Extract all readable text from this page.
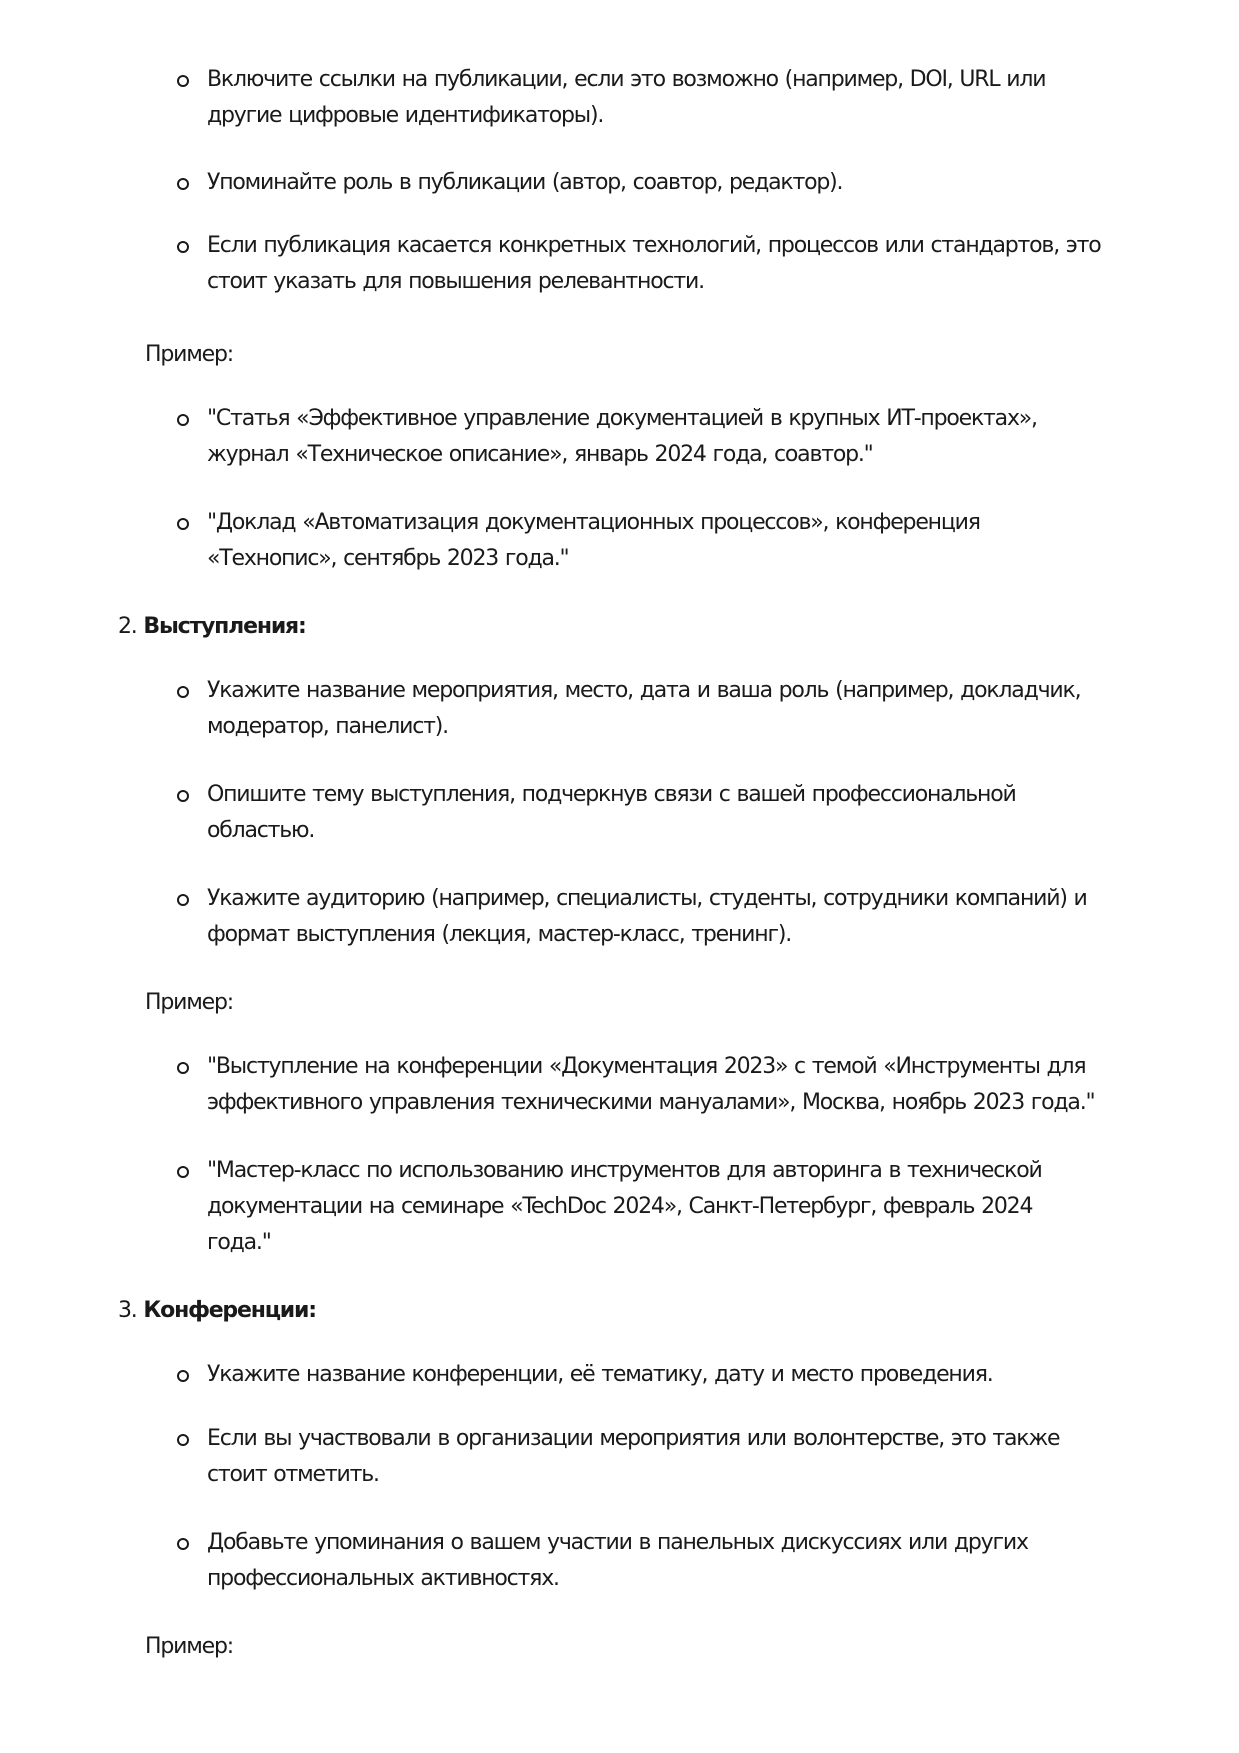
Включите ссылки на публикации, если это возможно (например, DOI, URL или
другие цифровые идентификаторы).
Упоминайте роль в публикации (автор, соавтор, редактор).
Если публикация касается конкретных технологий, процессов или стандартов, это
стоит указать для повышения релевантности.
Пример:
"Статья «Эффективное управление документацией в крупных ИТ-проектах»,
журнал «Техническое описание», январь 2024 года, соавтор."
"Доклад «Автоматизация документационных процессов», конференция
«Технопис», сентябрь 2023 года."
2. Выступления:
Укажите название мероприятия, место, дата и ваша роль (например, докладчик,
модератор, панелист).
Опишите тему выступления, подчеркнув связи с вашей профессиональной
областью.
Укажите аудиторию (например, специалисты, студенты, сотрудники компаний) и
формат выступления (лекция, мастер-класс, тренинг).
Пример:
"Выступление на конференции «Документация 2023» с темой «Инструменты для
эффективного управления техническими мануалами», Москва, ноябрь 2023 года."
"Мастер-класс по использованию инструментов для авторинга в технической
документации на семинаре «TechDoc 2024», Санкт-Петербург, февраль 2024
года."
3. Конференции:
Укажите название конференции, её тематику, дату и место проведения.
Если вы участвовали в организации мероприятия или волонтерстве, это также
стоит отметить.
Добавьте упоминания о вашем участии в панельных дискуссиях или других
профессиональных активностях.
Пример:
